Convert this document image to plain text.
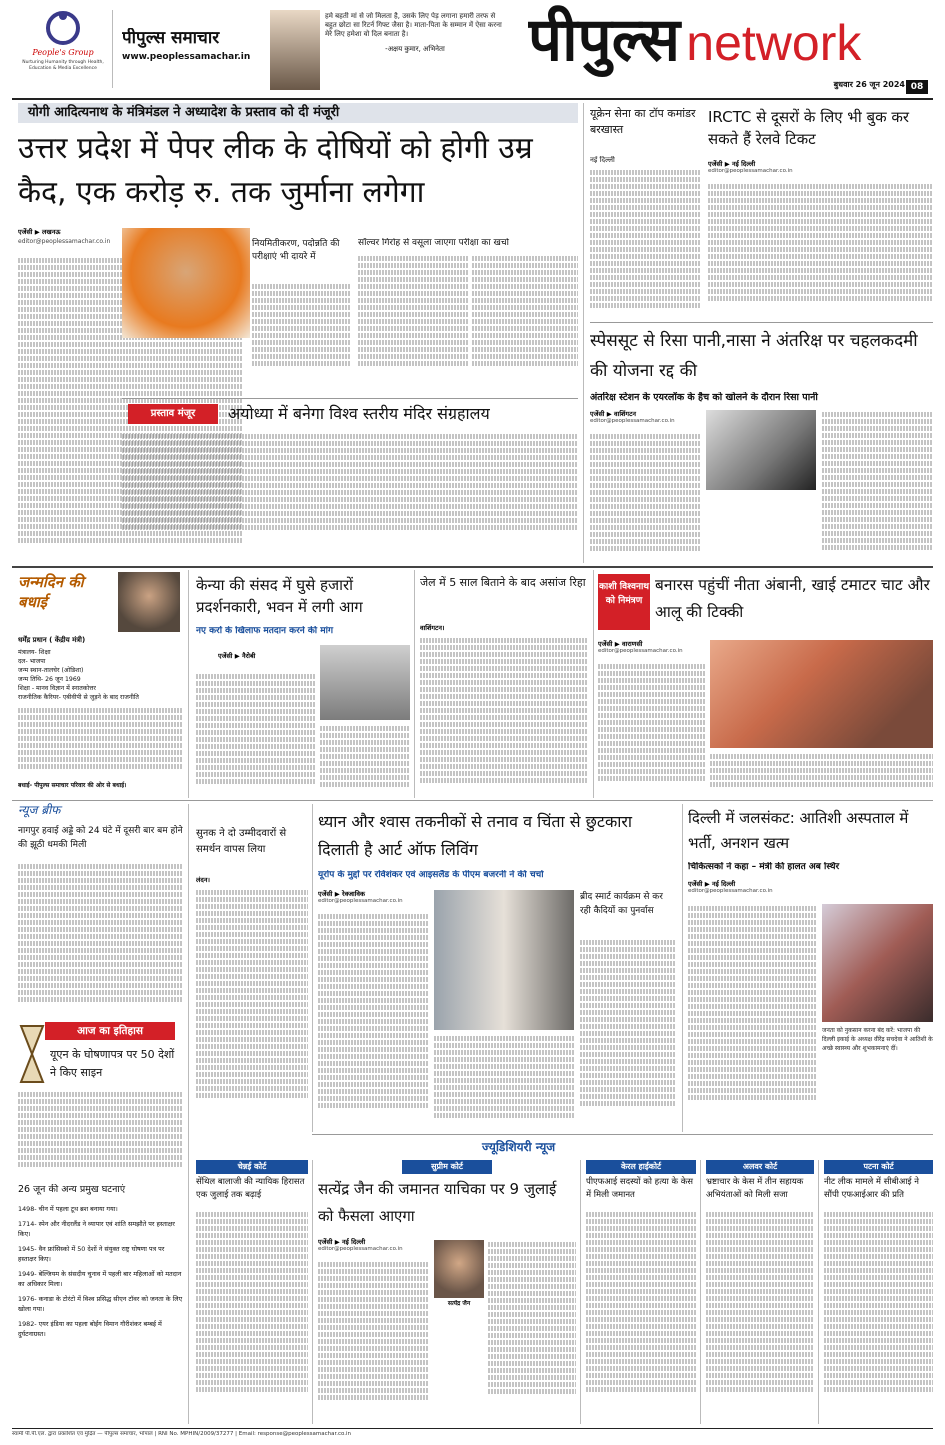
People's Group
Nurturing Humanity through Health, Education & Media Excellence
पीपुल्स समाचार
www.peoplessamachar.in
हमे बहती मां से जो मिलता है, उसके लिए पेड़ लगाना हमारी तरफ से बहुत छोटा सा रिटर्न गिफ्ट जैसा है। माता-पिता के सम्मान में ऐसा करना मेरे लिए हमेशा वो दिल बनाता है।
-अक्षय कुमार, अभिनेता	पीपुल्स network
बुधवार 26 जून 2024 08
योगी आदित्यनाथ के मंत्रिमंडल ने अध्यादेश के प्रस्ताव को दी मंजूरी
उत्तर प्रदेश में पेपर लीक के दोषियों को होगी उम्र कैद, एक करोड़ रु. तक जुर्माना लगेगा
एजेंसी ▶ लखनऊ
editor@peoplessamachar.co.in	नियमितीकरण, पदोन्नति की परीक्षाएं भी दायरे में
सॉल्वर गिरोह से वसूला जाएगा परीक्षा का खर्चा
प्रस्ताव मंजूर	अयोध्या में बनेगा विश्व स्तरीय मंदिर संग्रहालय
यूक्रेन सेना का टॉप कमांडर बरखास्त
नई दिल्ली
IRCTC से दूसरों के लिए भी बुक कर सकते हैं रेलवे टिकट
एजेंसी ▶ नई दिल्ली
editor@peoplessamachar.co.in
स्पेससूट से रिसा पानी,नासा ने अंतरिक्ष पर चहलकदमी की योजना रद्द की
अंतरिक्ष स्टेशन के एयरलॉक के हैच को खोलने के दौरान रिसा पानी
एजेंसी ▶ वाशिंगटन
editor@peoplessamachar.co.in
जन्मदिन की बधाई
धर्मेंद्र प्रधान ( केंद्रीय मंत्री)
मंत्रालय- शिक्षा
दल- भाजपा
जन्म स्थान-तालचेर (ओडिशा)
जन्म तिथि- 26 जून 1969
शिक्षा - मानव विज्ञान में स्नातकोत्तर
राजनीतिक कैरियर- एबीवीपी से जुड़ने के बाद राजनीति
बधाई- पीपुल्स समाचार परिवार की ओर से बधाई।
केन्या की संसद में घुसे हजारों प्रदर्शनकारी, भवन में लगी आग
नए करों के खिलाफ मतदान करने की मांग
एजेंसी ▶ नैरोबी
जेल में 5 साल बिताने के बाद असांज रिहा
वाशिंगटन।
काशी विश्वनाथ को निमंत्रण
बनारस पहुंचीं नीता अंबानी, खाई टमाटर चाट और आलू की टिक्की
एजेंसी ▶ वाराणसी
editor@peoplessamachar.co.in
न्यूज ब्रीफ
नागपुर हवाई अड्डे को 24 घंटे में दूसरी बार बम होने की झूठी धमकी मिली
आज का इतिहास
यूएन के घोषणापत्र पर 50 देशों ने किए साइन
26 जून की अन्य प्रमुख घटनाएं
1498- चीन में पहला टूथ ब्रश बनाया गया।
1714- स्पेन और नीदरलैंड ने व्यापार एवं शांति समझौते पर हस्ताक्षर किए।
1945- वैन फ्रांसिस्को में 50 देशों ने संयुक्त राष्ट्र घोषणा पत्र पर हस्ताक्षर किए।
1949- बेल्जियम के संसदीय चुनाव में पहली बार महिलाओं को मतदान का अधिकार मिला।
1976- कनाडा के टोरंटो में विश्व प्रसिद्ध सीएन टॉवर को जनता के लिए खोला गया।
1982- एयर इंडिया का पहला बोईंग विमान गौरीशंकर बम्बई में दुर्घटनाग्रस्त।
सुनक ने दो उम्मीदवारों से समर्थन वापस लिया
लंदन।
ध्यान और श्वास तकनीकों से तनाव व चिंता से छुटकारा दिलाती है आर्ट ऑफ लिविंग
यूरोप के मुद्दों पर रविशंकर एवं आइसलैंड के पीएम बजरनी ने की चर्चा
एजेंसी ▶ रेक्जाविक
editor@peoplessamachar.co.in	ब्रीद स्मार्ट कार्यक्रम से कर रही कैदियों का पुनर्वास
दिल्ली में जलसंकट: आतिशी अस्पताल में भर्ती, अनशन खत्म
चिकित्सकों ने कहा – मंत्री की हालत अब स्थिर
एजेंसी ▶ नई दिल्ली
editor@peoplessamachar.co.in
जनता को नुकसान करना बंद करें: भाजपा की दिल्ली इकाई के अध्यक्ष वीरेंद्र सचदेवा ने आतिशी के अच्छे स्वास्थ्य और शुभकामनाएं दीं।
ज्यूडिशियरी न्यूज
चेन्नई कोर्ट
सेंथिल बालाजी की न्यायिक हिरासत एक जुलाई तक बढ़ाई
सुप्रीम कोर्ट
सत्येंद्र जैन की जमानत याचिका पर 9 जुलाई को फैसला आएगा
एजेंसी ▶ नई दिल्ली
editor@peoplessamachar.co.in
सत्येंद्र जैन
केरल हाईकोर्ट
पीएफआई सदस्यों को हत्या के केस में मिली जमानत
अलवर कोर्ट
भ्रष्टाचार के केस में तीन सहायक अभियंताओं को मिली सजा
पटना कोर्ट
नीट लीक मामले में सीबीआई ने सौंपी एफआईआर की प्रति
स्वामी पी.पी.एल. द्वारा प्रकाशित एवं मुद्रित — पीपुल्स समाचार, भोपाल | RNI No. MPHIN/2009/37277 | Email: response@peoplessamachar.co.in
